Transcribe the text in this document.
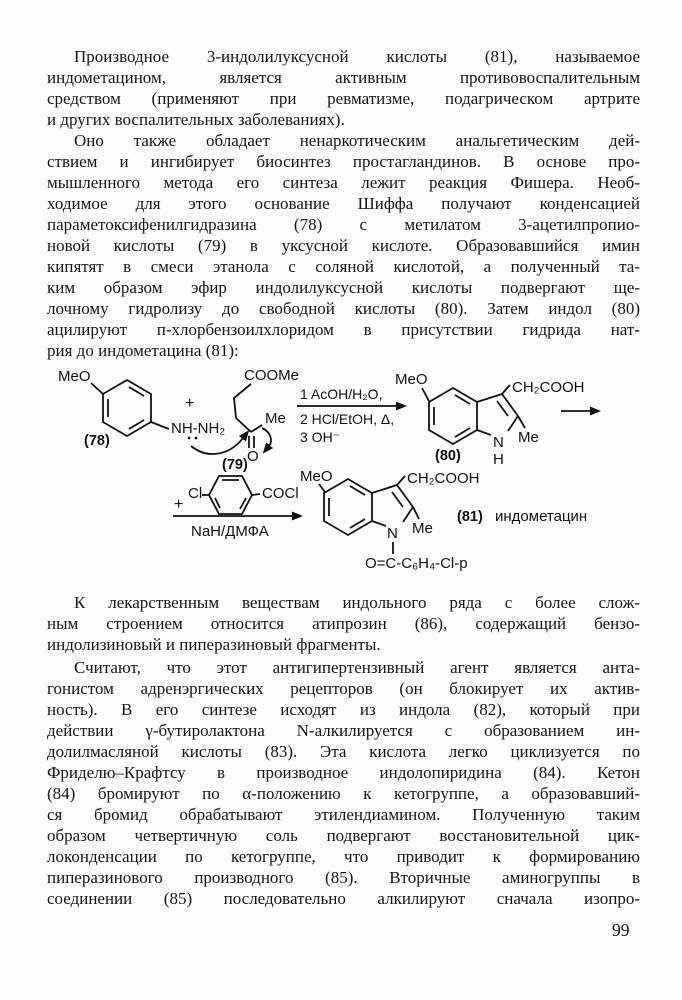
Производное 3-индолилуксусной кислоты (81), называемое
индометацином, является активным противовоспалительным
средством (применяют при ревматизме, подагрическом артрите
и других воспалительных заболеваниях).
Оно также обладает ненаркотическим анальгетическим дей-
ствием и ингибирует биосинтез простагландинов. В основе про-
мышленного метода его синтеза лежит реакция Фишера. Необ-
ходимое для этого основание Шиффа получают конденсацией
параметоксифенилгидразина (78) с метилатом 3-ацетилпропио-
новой кислоты (79) в уксусной кислоте. Образовавшийся имин
кипятят в смеси этанола с соляной кислотой, а полученный та-
ким образом эфир индолилуксусной кислоты подвергают ще-
лочному гидролизу до свободной кислоты (80). Затем индол (80)
ацилируют п-хлорбензоилхлоридом в присутствии гидрида нат-
рия до индометацина (81):
К лекарственным веществам индольного ряда с более слож-
ным строением относится атипрозин (86), содержащий бензо-
индолизиновый и пиперазиновый фрагменты.
Считают, что этот антигипертензивный агент является анта-
гонистом адренэргических рецепторов (он блокирует их актив-
ность). В его синтезе исходят из индола (82), который при
действии γ-бутиролактона N-алкилируется с образованием ин-
долилмасляной кислоты (83). Эта кислота легко циклизуется по
Фриделю–Крафтсу в производное индолопиридина (84). Кетон
(84) бромируют по α-положению к кетогруппе, а образовавший-
ся бромид обрабатывают этилендиамином. Полученную таким
образом четвертичную соль подвергают восстановительной цик-
локонденсации по кетогруппе, что приводит к формированию
пиперазинового производного (85). Вторичные аминогруппы в
соединении (85) последовательно алкилируют сначала изопро-
MeO
NH-NH₂
(78)
+
COOMe
Me
O
(79)
1 AcOH/H₂O,
2 HCl/EtOH, Δ,
3 OH⁻
MeO
N
H
CH₂COOH
Me
(80)
+
Cl	COCl
NaH/ДМФА
MeO
N
O=C-C₆H₄-Cl-p
CH₂COOH
Me
(81) индометацин
99
